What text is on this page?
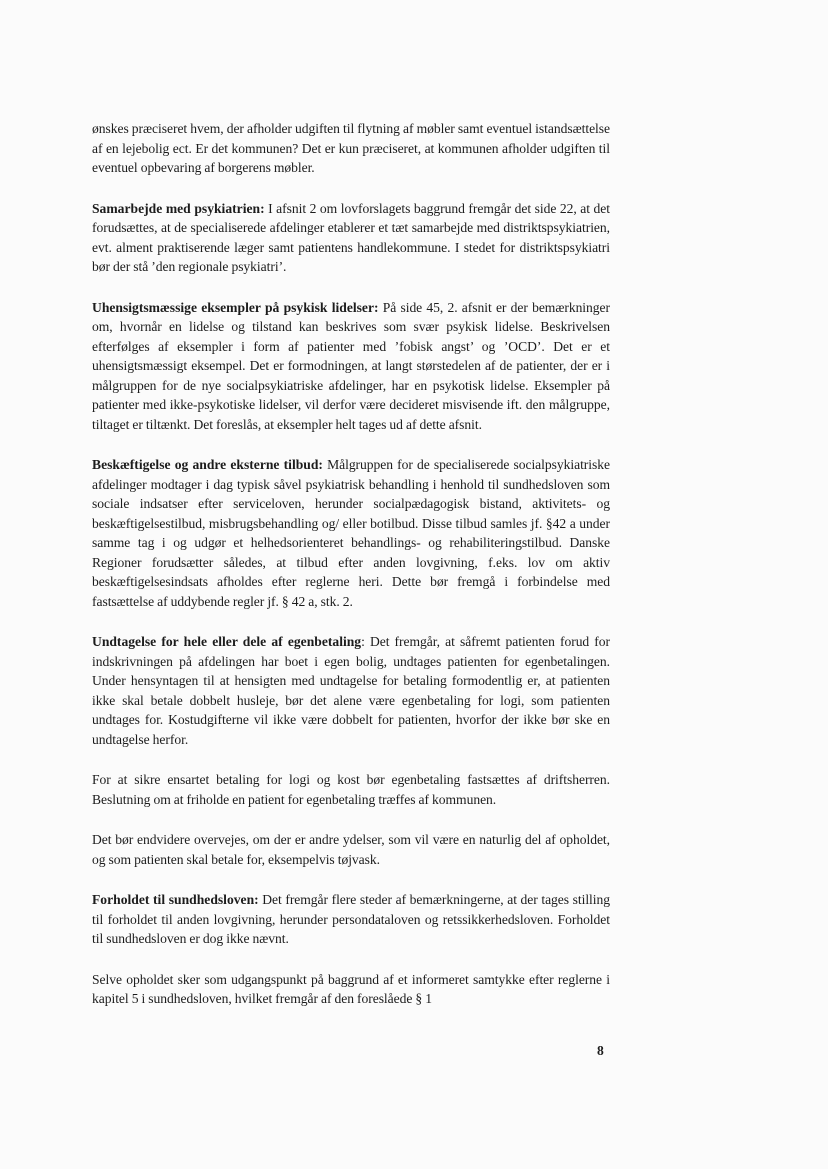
ønskes præciseret hvem, der afholder udgiften til flytning af møbler samt eventuel istandsættelse af en lejebolig ect. Er det kommunen? Det er kun præciseret, at kommunen afholder udgiften til eventuel opbevaring af borgerens møbler.

Samarbejde med psykiatrien: I afsnit 2 om lovforslagets baggrund fremgår det side 22, at det forudsættes, at de specialiserede afdelinger etablerer et tæt samarbejde med distriktspsykiatrien, evt. alment praktiserende læger samt patientens handlekommune. I stedet for distriktspsykiatri bør der stå ’den regionale psykiatri’.

Uhensigtsmæssige eksempler på psykisk lidelser: På side 45, 2. afsnit er der bemærkninger om, hvornår en lidelse og tilstand kan beskrives som svær psykisk lidelse. Beskrivelsen efterfølges af eksempler i form af patienter med ’fobisk angst’ og ’OCD’. Det er et uhensigtsmæssigt eksempel. Det er formodningen, at langt størstedelen af de patienter, der er i målgruppen for de nye socialpsykiatriske afdelinger, har en psykotisk lidelse. Eksempler på patienter med ikke-psykotiske lidelser, vil derfor være decideret misvisende ift. den målgruppe, tiltaget er tiltænkt. Det foreslås, at eksempler helt tages ud af dette afsnit.

Beskæftigelse og andre eksterne tilbud: Målgruppen for de specialiserede socialpsykiatriske afdelinger modtager i dag typisk såvel psykiatrisk behandling i henhold til sundhedsloven som sociale indsatser efter serviceloven, herunder socialpædagogisk bistand, aktivitets- og beskæftigelsestilbud, misbrugsbehandling og/ eller botilbud. Disse tilbud samles jf. §42 a under samme tag i og udgør et helhedsorienteret behandlings- og rehabiliteringstilbud. Danske Regioner forudsætter således, at tilbud efter anden lovgivning, f.eks. lov om aktiv beskæftigelsesindsats afholdes efter reglerne heri. Dette bør fremgå i forbindelse med fastsættelse af uddybende regler jf. § 42 a, stk. 2.

Undtagelse for hele eller dele af egenbetaling: Det fremgår, at såfremt patienten forud for indskrivningen på afdelingen har boet i egen bolig, undtages patienten for egenbetalingen. Under hensyntagen til at hensigten med undtagelse for betaling formodentlig er, at patienten ikke skal betale dobbelt husleje, bør det alene være egenbetaling for logi, som patienten undtages for. Kostudgifterne vil ikke være dobbelt for patienten, hvorfor der ikke bør ske en undtagelse herfor.

For at sikre ensartet betaling for logi og kost bør egenbetaling fastsættes af driftsherren. Beslutning om at friholde en patient for egenbetaling træffes af kommunen.

Det bør endvidere overvejes, om der er andre ydelser, som vil være en naturlig del af opholdet, og som patienten skal betale for, eksempelvis tøjvask.

Forholdet til sundhedsloven: Det fremgår flere steder af bemærkningerne, at der tages stilling til forholdet til anden lovgivning, herunder persondataloven og retssikkerhedsloven. Forholdet til sundhedsloven er dog ikke nævnt.

Selve opholdet sker som udgangspunkt på baggrund af et informeret samtykke efter reglerne i kapitel 5 i sundhedsloven, hvilket fremgår af den foreslåede § 1

8
